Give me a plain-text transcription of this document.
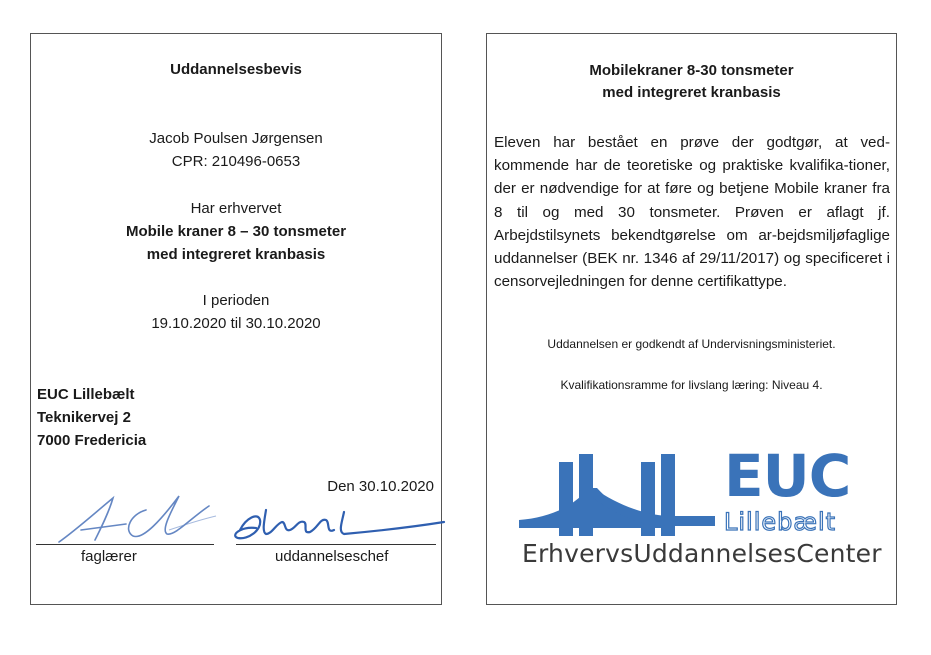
Uddannelsesbevis
Jacob Poulsen Jørgensen
CPR: 210496-0653
Har erhvervet
Mobile kraner 8 – 30 tonsmeter
med integreret kranbasis
I perioden
19.10.2020 til 30.10.2020
EUC Lillebælt
Teknikervej 2
7000 Fredericia
Den 30.10.2020
faglærer	uddannelseschef
Mobilekraner 8-30 tonsmeter
med integreret kranbasis
Eleven har bestået en prøve der godtgør, at ved-kommende har de teoretiske og praktiske kvalifika-tioner, der er nødvendige for at føre og betjene Mobile kraner fra 8 til og med 30 tonsmeter. Prøven er aflagt jf. Arbejdstilsynets bekendtgørelse om ar-bejdsmiljøfaglige uddannelser (BEK nr. 1346 af 29/11/2017) og specificeret i censorvejledningen for denne certifikattype.
Uddannelsen er godkendt af Undervisningsministeriet.
Kvalifikationsramme for livslang læring: Niveau 4.
EUC
Lillebælt
ErhvervsUddannelsesCenter
